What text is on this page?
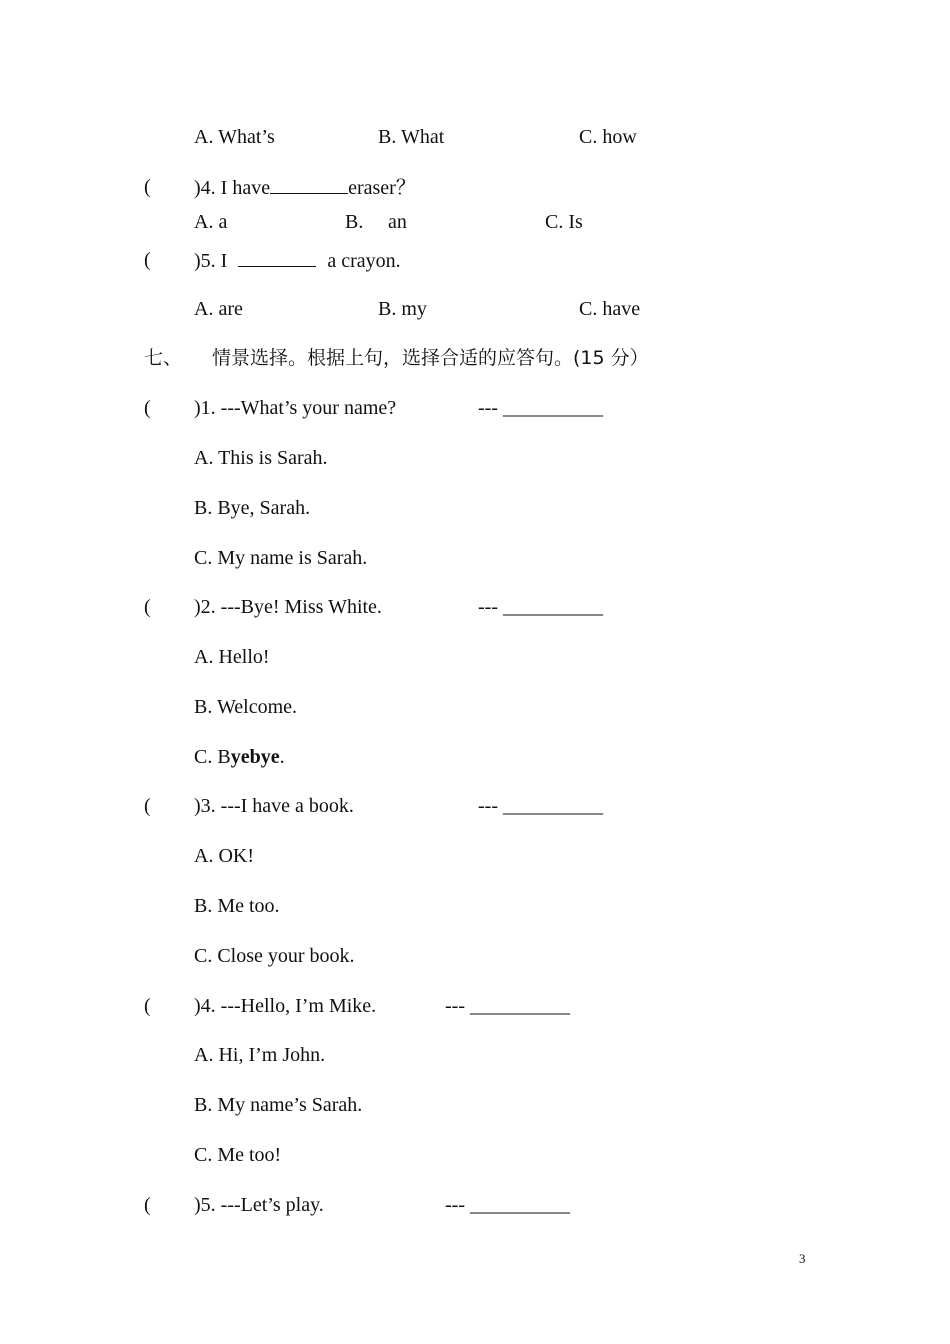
A. What’s	B. What	C. how
( )4. I have	eraser？
A. a	B. an	C. Is
( )5. I	a crayon.
A. are	B. my	C. have
七、 情景选择。根据上句，选择合适的应答句。(15 分）
( )1. ---What’s your name?	--- __________
A. This is Sarah.
B. Bye, Sarah.
C. My name is Sarah.
( )2. ---Bye! Miss White.	--- __________
A. Hello!
B. Welcome.
C. Byebye.
( )3. ---I have a book.	--- __________
A. OK!
B. Me too.
C. Close your book.
( )4. ---Hello, I’m Mike.	--- __________
A. Hi, I’m John.
B. My name’s Sarah.
C. Me too!
( )5. ---Let’s play.	--- __________
3
